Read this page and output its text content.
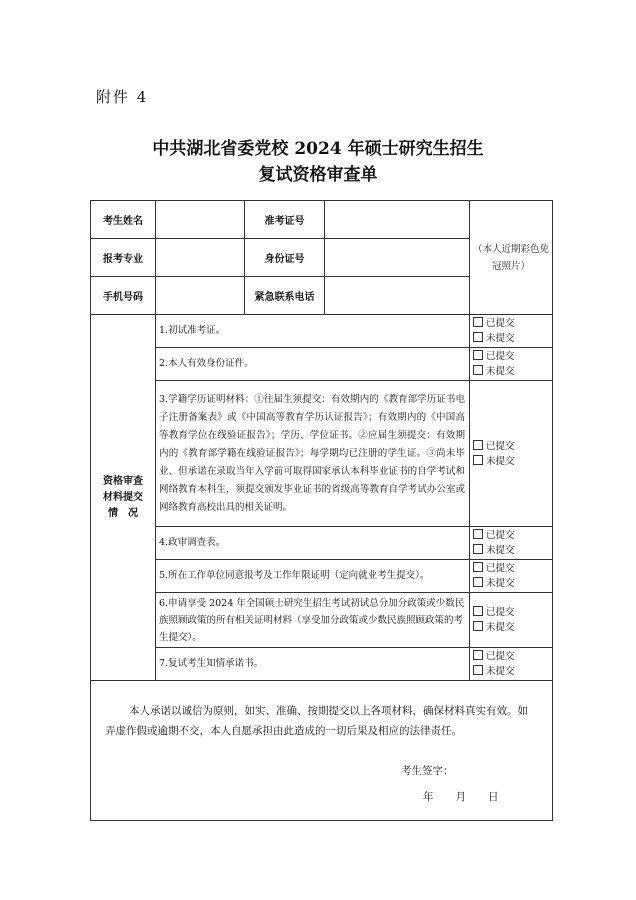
附件 4
中共湖北省委党校 2024 年硕士研究生招生
复试资格审查单
考生姓名		准考证号		（本人近期彩色免冠照片）
报考专业		身份证号		
手机号码		紧急联系电话		

资格审查材料提交情　况	1.初试准考证。			已提交
未提交

	2.本人有效身份证件。			已提交
未提交

	3.学籍学历证明材料：①往届生须提交：有效期内的《教育部学历证书电子注册备案表》或《中国高等教育学历认证报告》；有效期内的《中国高等教育学位在线验证报告》；学历、学位证书。②应届生须提交：有效期内的《教育部学籍在线验证报告》；每学期均已注册的学生证。③尚未毕业、但承诺在录取当年入学前可取得国家承认本科毕业证书的自学考试和网络教育本科生，须提交颁发毕业证书的省级高等教育自学考试办公室或网络教育高校出具的相关证明。			已提交
未提交

	4.政审调查表。			已提交
未提交

	5.所在工作单位同意报考及工作年限证明（定向就业考生提交）。			已提交
未提交

	6.申请享受 2024 年全国硕士研究生招生考试初试总分加分政策或少数民族照顾政策的所有相关证明材料（享受加分政策或少数民族照顾政策的考生提交）。			已提交
未提交

	7.复试考生知情承诺书。			已提交
未提交

本人承诺以诚信为原则，如实、准确、按期提交以上各项材料，确保材料真实有效。如弄虚作假或逾期不交，本人自愿承担由此造成的一切后果及相应的法律责任。
考生签字：
年 月 日				
